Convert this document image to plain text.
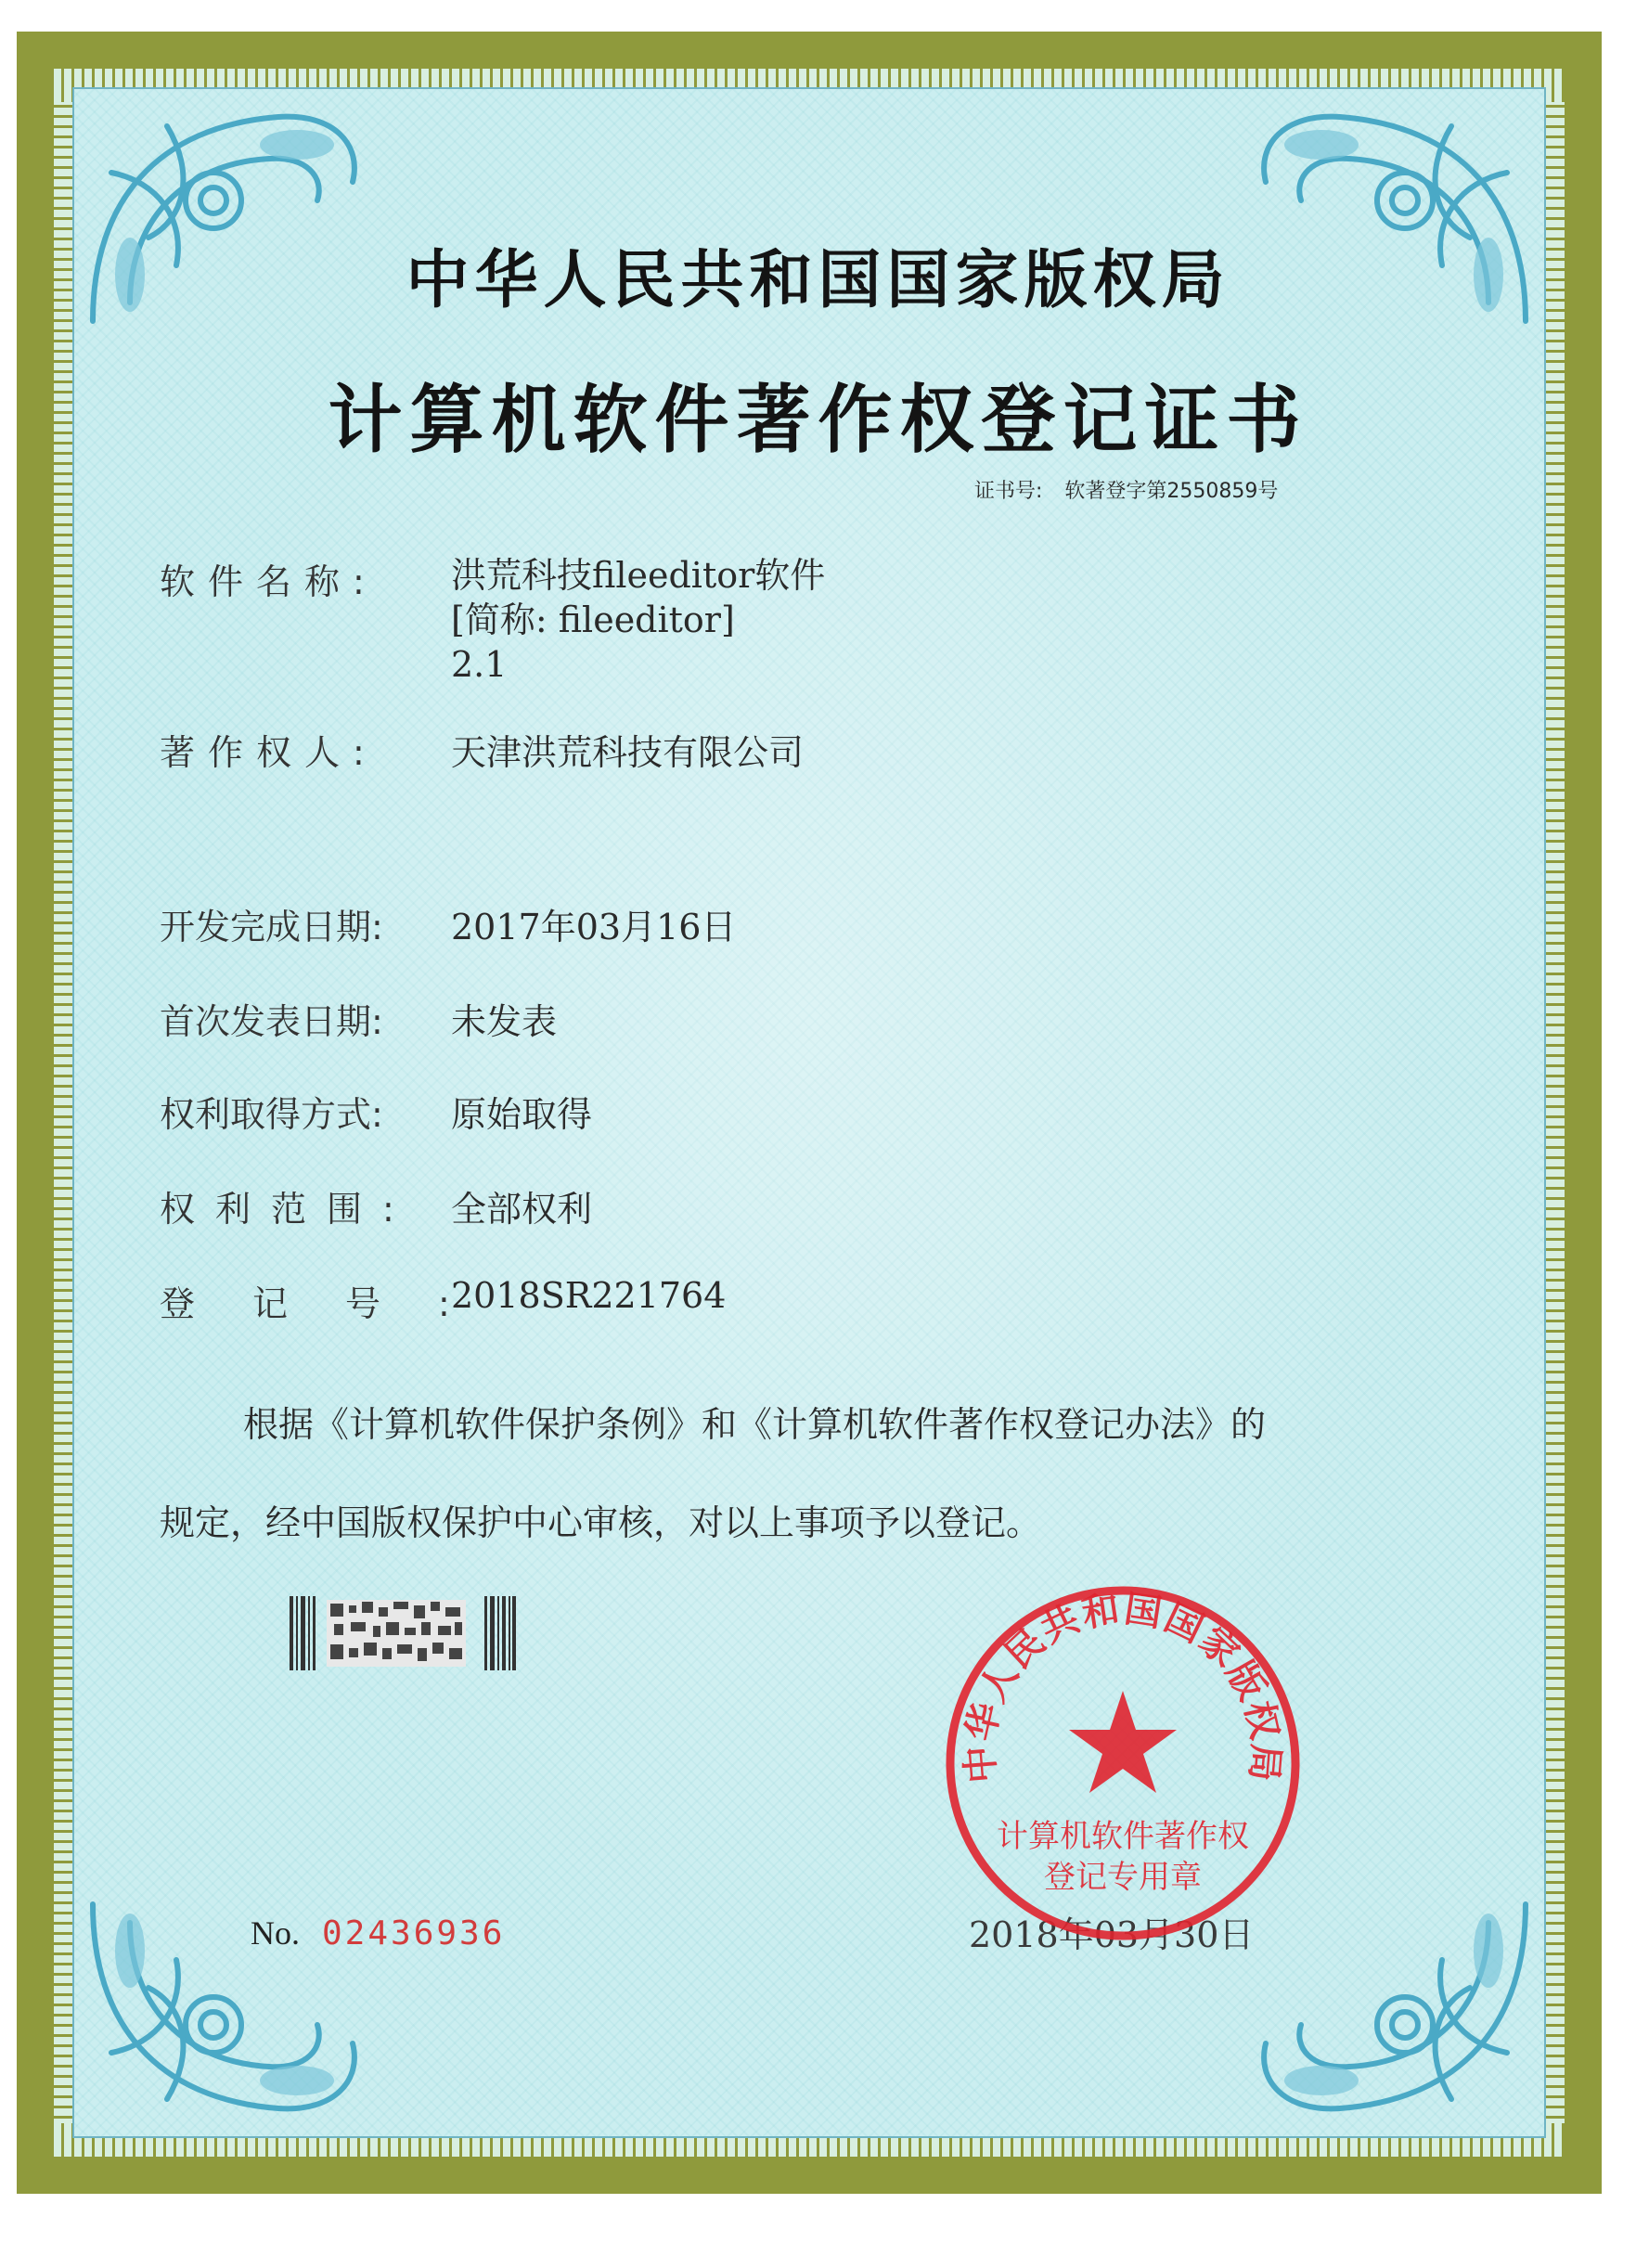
中华人民共和国国家版权局
计算机软件著作权登记证书
证书号: 软著登字第2550859号
软件名称: 洪荒科技fileeditor软件
[简称: fileeditor]
2.1
著作权人: 天津洪荒科技有限公司
开发完成日期: 2017年03月16日
首次发表日期: 未发表
权利取得方式: 原始取得
权利范围: 全部权利
登记号:2018SR221764
根据《计算机软件保护条例》和《计算机软件著作权登记办法》的
规定，经中国版权保护中心审核，对以上事项予以登记。
No. 02436936	2018年03月30日
中华人民共和国国家版权局
计算机软件著作权
登记专用章
